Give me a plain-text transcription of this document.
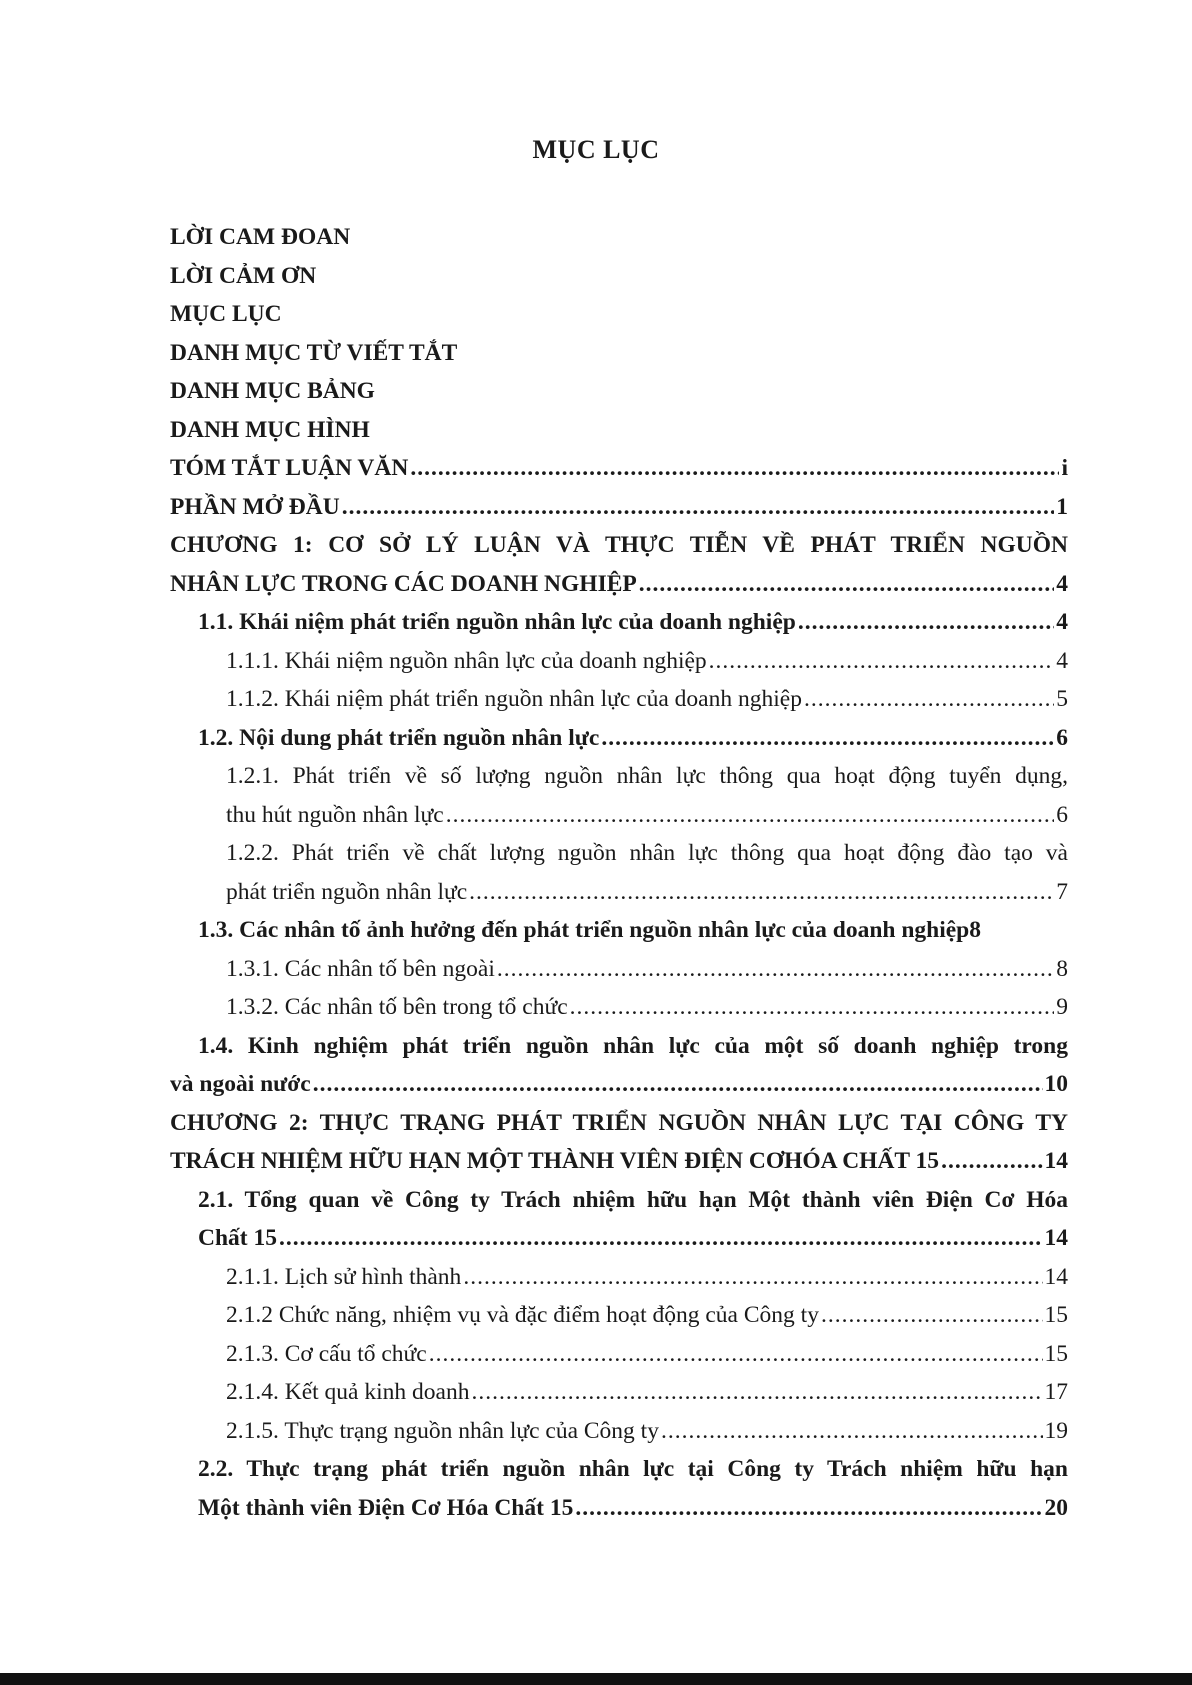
MỤC LỤC
LỜI CAM ĐOAN
LỜI CẢM ƠN
MỤC LỤC
DANH MỤC TỪ VIẾT TẮT
DANH MỤC BẢNG
DANH MỤC HÌNH
TÓM TẮT LUẬN VĂN .....	i
PHẦN MỞ ĐẦU .....	1
CHƯƠNG 1: CƠ SỞ LÝ LUẬN VÀ THỰC TIỄN VỀ PHÁT TRIỂN NGUỒN
NHÂN LỰC TRONG CÁC DOANH NGHIỆP .....	4
1.1. Khái niệm phát triển nguồn nhân lực của doanh nghiệp .....	4
1.1.1. Khái niệm nguồn nhân lực của doanh nghiệp .....	4
1.1.2. Khái niệm phát triển nguồn nhân lực của doanh nghiệp .....	5
1.2. Nội dung phát triển nguồn nhân lực .....	6
1.2.1. Phát triển về số lượng nguồn nhân lực thông qua hoạt động tuyển dụng,
thu hút nguồn nhân lực .....	6
1.2.2. Phát triển về chất lượng nguồn nhân lực thông qua hoạt động đào tạo và
phát triển nguồn nhân lực .....	7
1.3. Các nhân tố ảnh hưởng đến phát triển nguồn nhân lực của doanh nghiệp8
1.3.1. Các nhân tố bên ngoài .....	8
1.3.2. Các nhân tố bên trong tổ chức .....	9
1.4. Kinh nghiệm phát triển nguồn nhân lực của một số doanh nghiệp trong
và ngoài nước .....	10
CHƯƠNG 2: THỰC TRẠNG PHÁT TRIỂN NGUỒN NHÂN LỰC TẠI CÔNG TY
TRÁCH NHIỆM HỮU HẠN MỘT THÀNH VIÊN ĐIỆN CƠHÓA CHẤT 15 .....	14
2.1. Tổng quan về Công ty Trách nhiệm hữu hạn Một thành viên Điện Cơ Hóa
Chất 15 .....	14
2.1.1. Lịch sử hình thành .....	14
2.1.2 Chức năng, nhiệm vụ và đặc điểm hoạt động của Công ty .....	15
2.1.3. Cơ cấu tổ chức .....	15
2.1.4. Kết quả kinh doanh .....	17
2.1.5. Thực trạng nguồn nhân lực của Công ty .....	19
2.2. Thực trạng phát triển nguồn nhân lực tại Công ty Trách nhiệm hữu hạn
Một thành viên Điện Cơ Hóa Chất 15 .....	20
